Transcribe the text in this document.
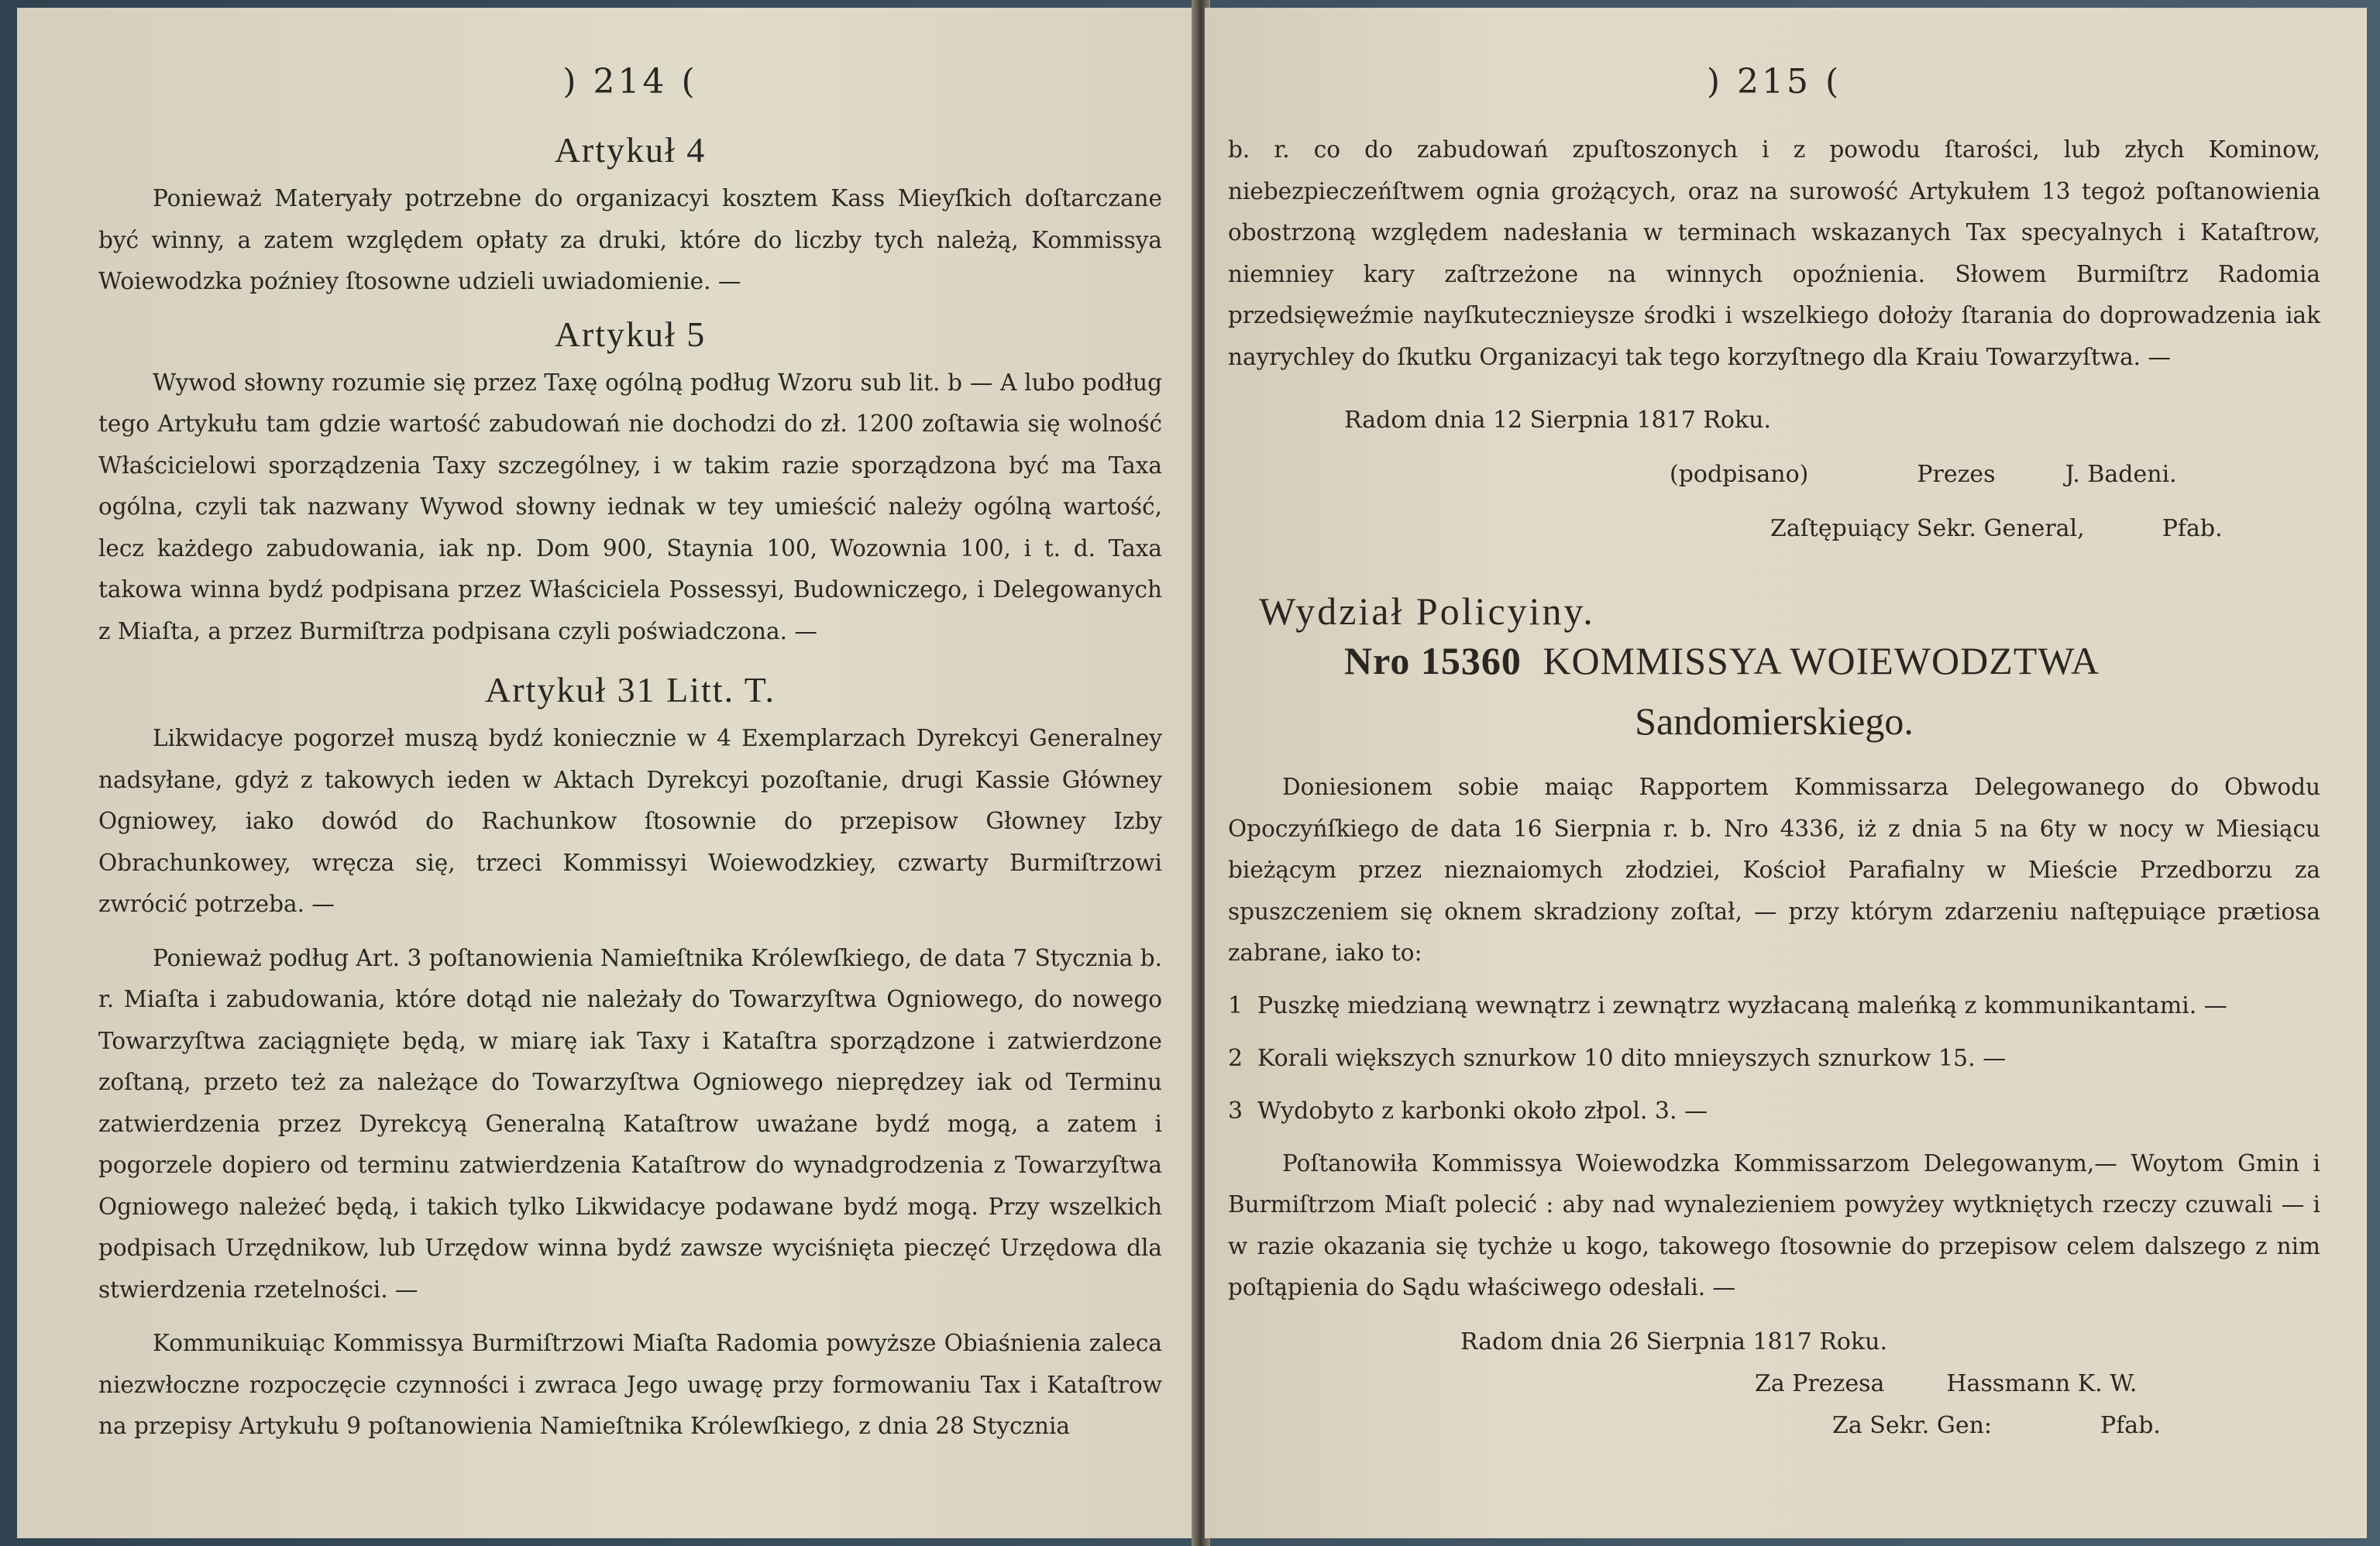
) 214 (
Artykuł 4

Ponieważ Materyały potrzebne do organizacyi kosztem Kass Mieyſkich doſtarczane być winny, a zatem względem opłaty za druki, które do liczby tych należą, Kommissya Woiewodzka poźniey ſtosowne udzieli uwiadomienie. —

Artykuł 5

Wywod słowny rozumie się przez Taxę ogólną podług Wzoru sub lit. b — A lubo podług tego Artykułu tam gdzie wartość zabudowań nie dochodzi do zł. 1200 zoſtawia się wolność Właścicielowi sporządzenia Taxy szczególney, i w takim razie sporządzona być ma Taxa ogólna, czyli tak nazwany Wywod słowny iednak w tey umieścić należy ogólną wartość, lecz każdego zabudowania, iak np. Dom 900, Staynia 100, Wozownia 100, i t. d. Taxa takowa winna bydź podpisana przez Właściciela Possessyi, Budowniczego, i Delegowanych z Miaſta, a przez Burmiſtrza podpisana czyli poświadczona. —

Artykuł 31 Litt. T.

Likwidacye pogorzeł muszą bydź koniecznie w 4 Exemplarzach Dyrekcyi Generalney nadsyłane, gdyż z takowych ieden w Aktach Dyrekcyi pozoſtanie, drugi Kassie Główney Ogniowey, iako dowód do Rachunkow ſtosownie do przepisow Głowney Izby Obrachunkowey, wręcza się, trzeci Kommissyi Woiewodzkiey, czwarty Burmiſtrzowi zwrócić potrzeba. —

Ponieważ podług Art. 3 poſtanowienia Namieſtnika Królewſkiego, de data 7 Stycznia b. r. Miaſta i zabudowania, które dotąd nie należały do Towarzyſtwa Ogniowego, do nowego Towarzyſtwa zaciągnięte będą, w miarę iak Taxy i Kataſtra sporządzone i zatwierdzone zoſtaną, przeto też za należące do Towarzyſtwa Ogniowego nieprędzey iak od Terminu zatwierdzenia przez Dyrekcyą Generalną Kataſtrow uważane bydź mogą, a zatem i pogorzele dopiero od terminu zatwierdzenia Kataſtrow do wynadgrodzenia z Towarzyſtwa Ogniowego należeć będą, i takich tylko Likwidacye podawane bydź mogą. Przy wszelkich podpisach Urzędnikow, lub Urzędow winna bydź zawsze wyciśnięta pieczęć Urzędowa dla stwierdzenia rzetelności. —

Kommunikuiąc Kommissya Burmiſtrzowi Miaſta Radomia powyższe Obiaśnienia zaleca niezwłoczne rozpoczęcie czynności i zwraca Jego uwagę przy formowaniu Tax i Kataſtrow na przepisy Artykułu 9 poſtanowienia Namieſtnika Królewſkiego, z dnia 28 Stycznia

) 215 (

b. r. co do zabudowań zpuſtoszonych i z powodu ſtarości, lub złych Kominow, niebezpieczeńſtwem ognia grożących, oraz na surowość Artykułem 13 tegoż poſtanowienia obostrzoną względem nadesłania w terminach wskazanych Tax specyalnych i Kataſtrow, niemniey kary zaſtrzeżone na winnych opoźnienia. Słowem Burmiſtrz Radomia przedsięweźmie nayſkutecznieysze środki i wszelkiego dołoży ſtarania do doprowadzenia iak nayrychley do ſkutku Organizacyi tak tego korzyſtnego dla Kraiu Towarzyſtwa. —

Radom dnia 12 Sierpnia 1817 Roku.
(podpisano)	Prezes	J. Badeni.
Zaſtępuiący Sekr. General,	Pfab.
Wydział Policyiny.
Nro 15360 KOMMISSYA WOIEWODZTWA
Sandomierskiego.

Doniesionem sobie maiąc Rapportem Kommissarza Delegowanego do Obwodu Opoczyńſkiego de data 16 Sierpnia r. b. Nro 4336, iż z dnia 5 na 6ty w nocy w Miesiącu bieżącym przez nieznaiomych złodziei, Kościoł Parafialny w Mieście Przedborzu za spuszczeniem się oknem skradziony zoſtał, — przy którym zdarzeniu naſtępuiące prætiosa zabrane, iako to:

1 Puszkę miedzianą wewnątrz i zewnątrz wyzłacaną maleńką z kommunikantami. —
2 Korali większych sznurkow 10 dito mnieyszych sznurkow 15. —
3 Wydobyto z karbonki około złpol. 3. —

Poſtanowiła Kommissya Woiewodzka Kommissarzom Delegowanym,— Woytom Gmin i Burmiſtrzom Miaſt polecić : aby nad wynalezieniem powyżey wytkniętych rzeczy czuwali — i w razie okazania się tychże u kogo, takowego ſtosownie do przepisow celem dalszego z nim poſtąpienia do Sądu właściwego odesłali. —

Radom dnia 26 Sierpnia 1817 Roku.
Za Prezesa	Hassmann K. W.
Za Sekr. Gen:	Pfab.
